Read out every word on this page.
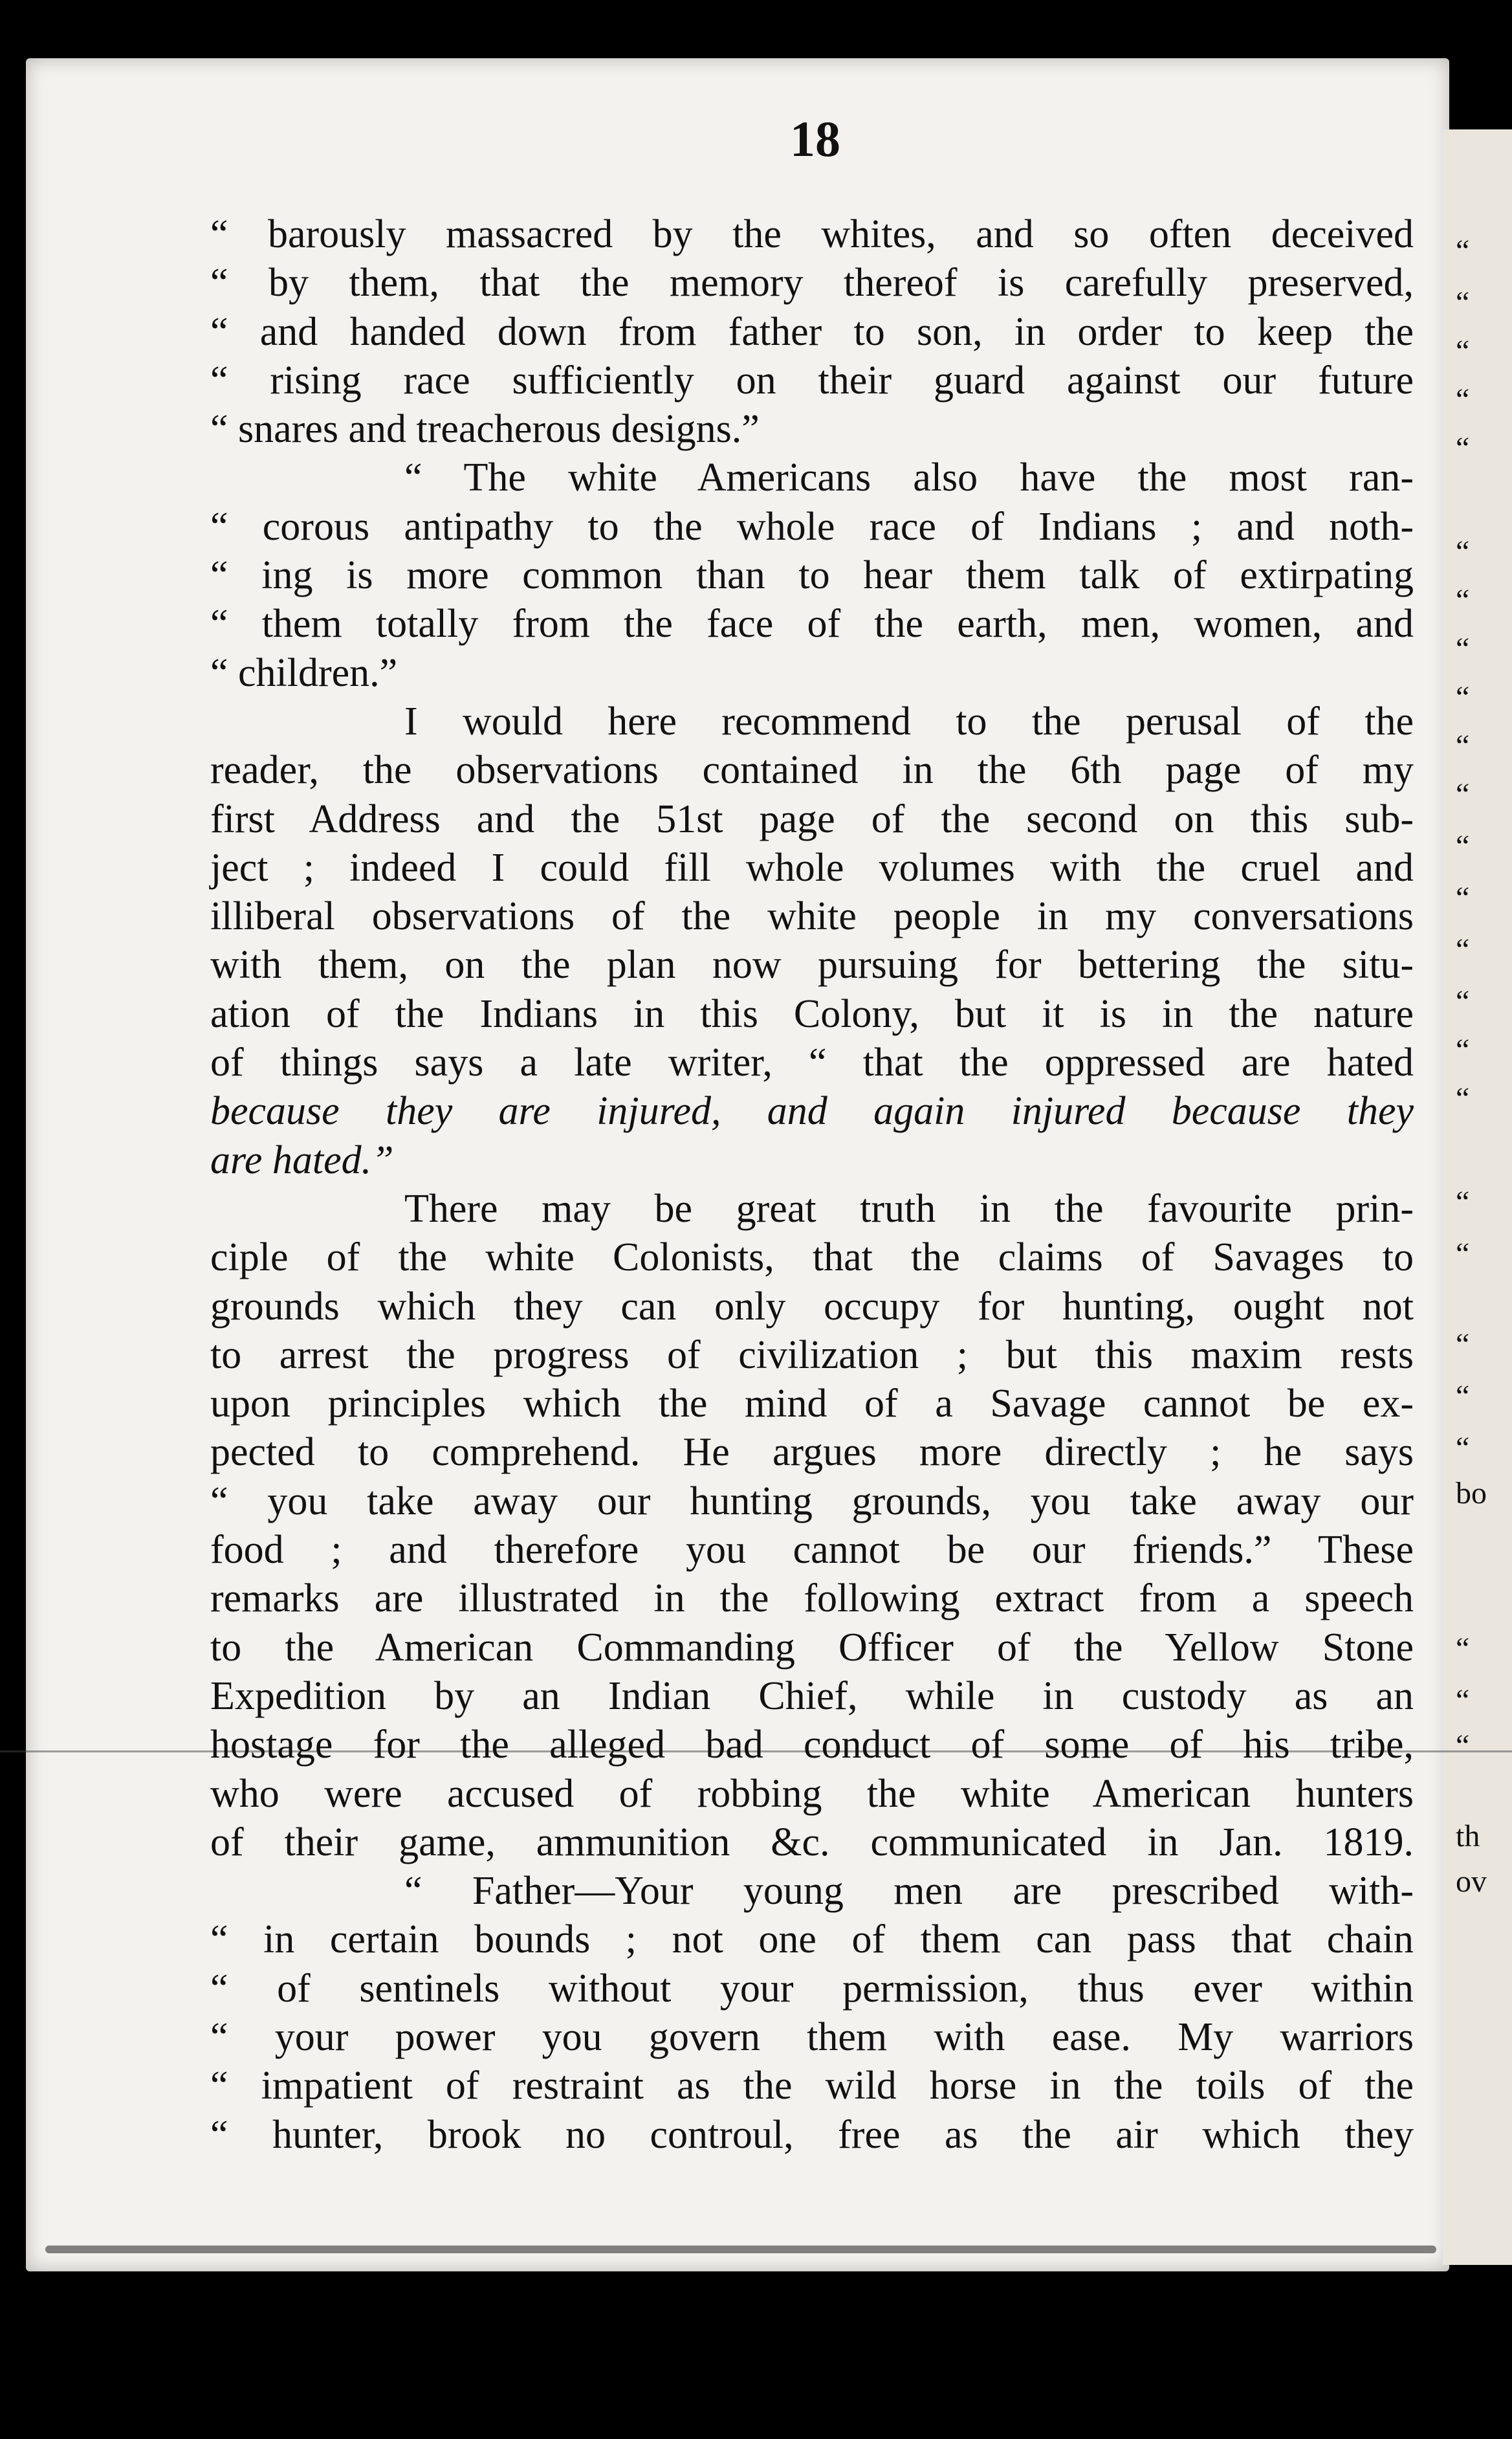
18
“ barously massacred by the whites, and so often deceived
“ by them, that the memory thereof is carefully preserved,
“ and handed down from father to son, in order to keep the
“ rising race sufficiently on their guard against our future
“ snares and treacherous designs.”
“ The white Americans also have the most ran-
“ corous antipathy to the whole race of Indians ; and noth-
“ ing is more common than to hear them talk of extirpating
“ them totally from the face of the earth, men, women, and
“ children.”
I would here recommend to the perusal of the
reader, the observations contained in the 6th page of my
first Address and the 51st page of the second on this sub-
ject ; indeed I could fill whole volumes with the cruel and
illiberal observations of the white people in my conversations
with them, on the plan now pursuing for bettering the situ-
ation of the Indians in this Colony, but it is in the nature
of things says a late writer, “ that the oppressed are hated
because they are injured, and again injured because they
are hated.”
There may be great truth in the favourite prin-
ciple of the white Colonists, that the claims of Savages to
grounds which they can only occupy for hunting, ought not
to arrest the progress of civilization ; but this maxim rests
upon principles which the mind of a Savage cannot be ex-
pected to comprehend. He argues more directly ; he says
“ you take away our hunting grounds, you take away our
food ; and therefore you cannot be our friends.” These
remarks are illustrated in the following extract from a speech
to the American Commanding Officer of the Yellow Stone
Expedition by an Indian Chief, while in custody as an
hostage for the alleged bad conduct of some of his tribe,
who were accused of robbing the white American hunters
of their game, ammunition &c. communicated in Jan. 1819.
“ Father—Your young men are prescribed with-
“ in certain bounds ; not one of them can pass that chain
“ of sentinels without your permission, thus ever within
“ your power you govern them with ease. My warriors
“ impatient of restraint as the wild horse in the toils of the
“ hunter, brook no controul, free as the air which they
“
“
“
“
“
“
“
“
“
“
“
“
“
“
“
“
“
“
“
“
“
“
bo
“
“
“
th
ov
